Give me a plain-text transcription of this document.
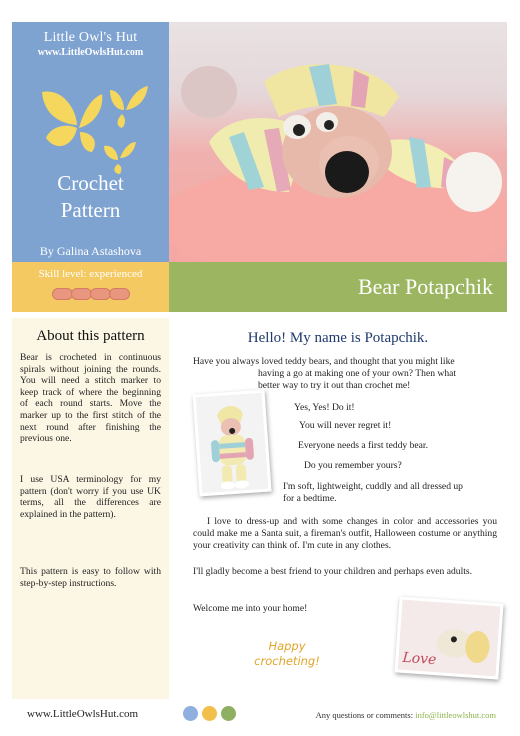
Little Owl's Hut
www.LittleOwlsHut.com
Crochet
Pattern
By Galina Astashova
Skill level: experienced	Bear Potapchik
About this pattern

Bear is crocheted in continuous spirals without joining the rounds. You will need a stitch marker to keep track of where the beginning of each round starts. Move the marker up to the first stitch of the next round after finishing the previous one.

I use USA terminology for my pattern (don't worry if you use UK terms, all the differences are explained in the pattern).

This pattern is easy to follow with step-by-step instructions.

Hello! My name is Potapchik.

Have you always loved teddy bears, and thought that you might like

having a go at making one of your own? Then what

better way to try it out than crochet me!

Yes, Yes! Do it!

You will never regret it!

Everyone needs a first teddy bear.

Do you remember yours?

I'm soft, lightweight, cuddly and all dressed up

for a bedtime.

I love to dress-up and with some changes in color and accessories you could make me a Santa suit, a fireman's outfit, Halloween costume or anything your creativity can think of. I'm cute in any clothes.

I'll gladly become a best friend to your children and perhaps even adults.

Welcome me into your home!

Love
Happy
crocheting!
www.LittleOwlsHut.com	Any questions or comments: info@littleowlshut.com
